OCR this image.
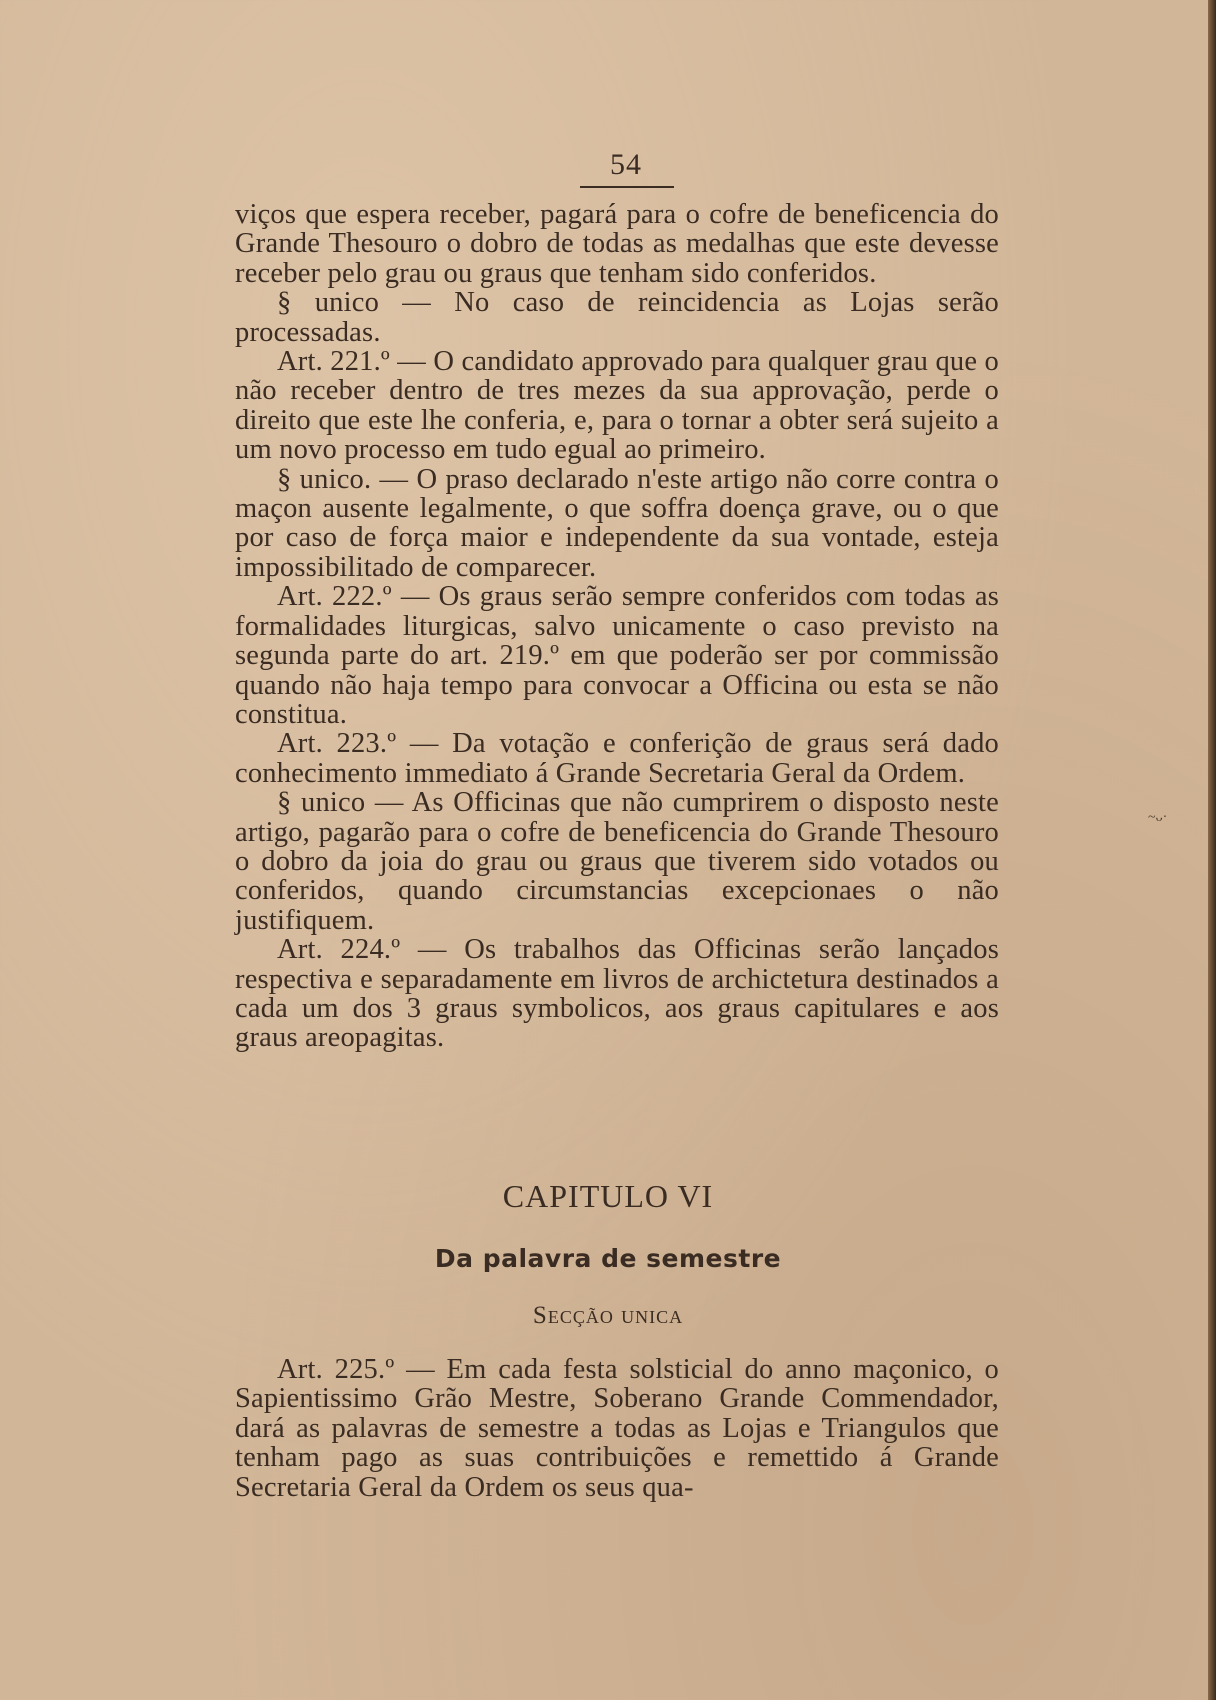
54

viços que espera receber, pagará para o cofre de beneficencia do Grande Thesouro o dobro de todas as medalhas que este devesse receber pelo grau ou graus que tenham sido conferidos.

§ unico — No caso de reincidencia as Lojas serão processadas.

Art. 221.º — O candidato approvado para qualquer grau que o não receber dentro de tres mezes da sua approvação, perde o direito que este lhe conferia, e, para o tornar a obter será sujeito a um novo processo em tudo egual ao primeiro.

§ unico. — O praso declarado n'este artigo não corre contra o maçon ausente legalmente, o que soffra doença grave, ou o que por caso de força maior e independente da sua vontade, esteja impossibilitado de comparecer.

Art. 222.º — Os graus serão sempre conferidos com todas as formalidades liturgicas, salvo unicamente o caso previsto na segunda parte do art. 219.º em que poderão ser por commissão quando não haja tempo para convocar a Officina ou esta se não constitua.

Art. 223.º — Da votação e conferição de graus será dado conhecimento immediato á Grande Secretaria Geral da Ordem.

§ unico — As Officinas que não cumprirem o disposto neste artigo, pagarão para o cofre de beneficencia do Grande Thesouro o dobro da joia do grau ou graus que tiverem sido votados ou conferidos, quando circumstancias excepcionaes o não justifiquem.

Art. 224.º — Os trabalhos das Officinas serão lançados respectiva e separadamente em livros de archictetura destinados a cada um dos 3 graus symbolicos, aos graus capitulares e aos graus areopagitas.

CAPITULO VI
Da palavra de semestre
Secção unica

Art. 225.º — Em cada festa solsticial do anno maçonico, o Sapientissimo Grão Mestre, Soberano Grande Commendador, dará as palavras de semestre a todas as Lojas e Triangulos que tenham pago as suas contribuições e remettido á Grande Secretaria Geral da Ordem os seus qua-

~ᴗ·
